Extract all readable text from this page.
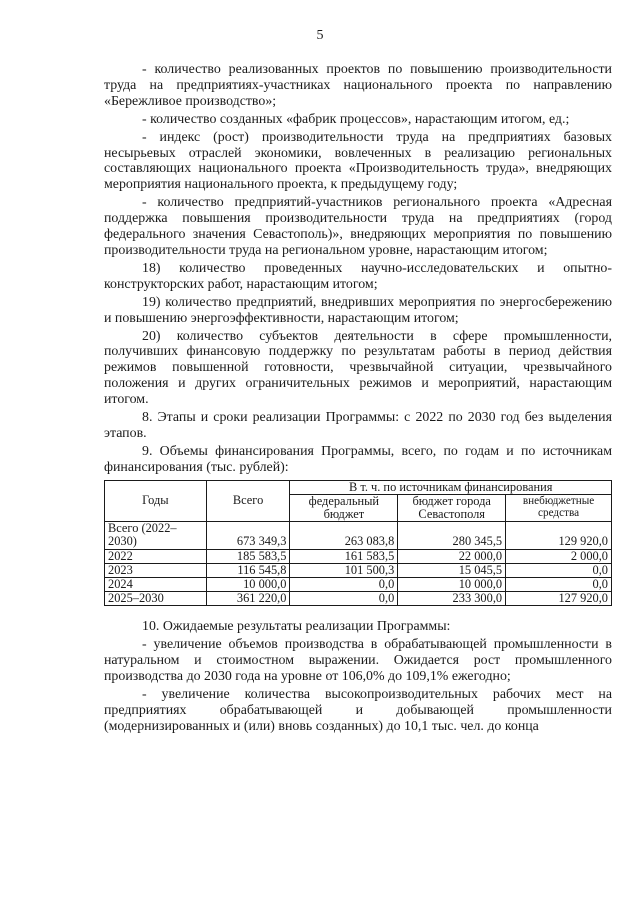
5

- количество реализованных проектов по повышению производительности труда на предприятиях-участниках национального проекта по направлению «Бережливое производство»;

- количество созданных «фабрик процессов», нарастающим итогом, ед.;

- индекс (рост) производительности труда на предприятиях базовых несырьевых отраслей экономики, вовлеченных в реализацию региональных составляющих национального проекта «Производительность труда», внедряющих мероприятия национального проекта, к предыдущему году;

- количество предприятий-участников регионального проекта «Адресная поддержка повышения производительности труда на предприятиях (город федерального значения Севастополь)», внедряющих мероприятия по повышению производительности труда на региональном уровне, нарастающим итогом;

18) количество проведенных научно-исследовательских и опытно-конструкторских работ, нарастающим итогом;

19) количество предприятий, внедривших мероприятия по энергосбережению и повышению энергоэффективности, нарастающим итогом;

20) количество субъектов деятельности в сфере промышленности, получивших финансовую поддержку по результатам работы в период действия режимов повышенной готовности, чрезвычайной ситуации, чрезвычайного положения и других ограничительных режимов и мероприятий, нарастающим итогом.

8. Этапы и сроки реализации Программы: с 2022 по 2030 год без выделения этапов.

9. Объемы финансирования Программы, всего, по годам и по источникам финансирования (тыс. рублей):

Годы	Всего	В т. ч. по источникам финансирования		
		федеральный бюджет	бюджет города Севастополя	внебюджетные средства
Всего (2022–2030)	673 349,3	263 083,8	280 345,5	129 920,0
2022	185 583,5	161 583,5	22 000,0	2 000,0
2023	116 545,8	101 500,3	15 045,5	0,0
2024	10 000,0	0,0	10 000,0	0,0
2025–2030	361 220,0	0,0	233 300,0	127 920,0

10. Ожидаемые результаты реализации Программы:

- увеличение объемов производства в обрабатывающей промышленности в натуральном и стоимостном выражении. Ожидается рост промышленного производства до 2030 года на уровне от 106,0% до 109,1% ежегодно;

- увеличение количества высокопроизводительных рабочих мест на предприятиях обрабатывающей и добывающей промышленности (модернизированных и (или) вновь созданных) до 10,1 тыс. чел. до конца
